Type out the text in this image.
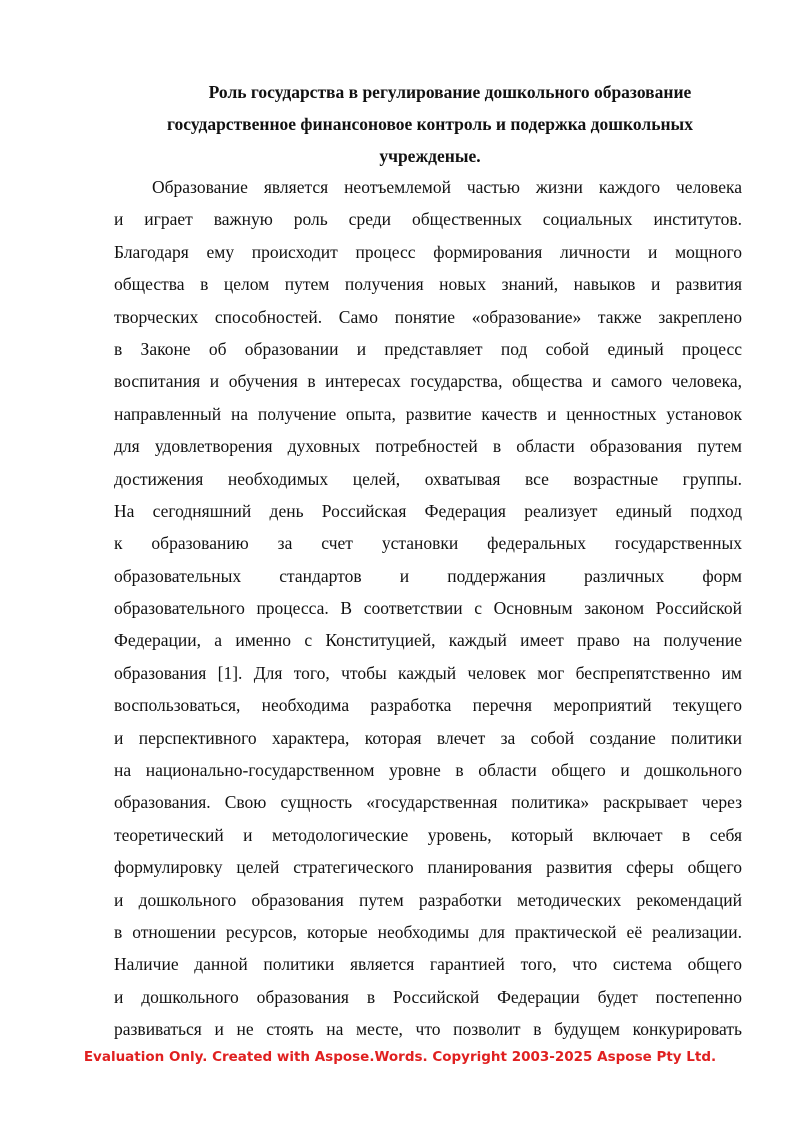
Роль государства в регулирование дошкольного образование
государственное финансоновое контроль и подержка дошкольных
учрежденые.
Образование является неотъемлемой частью жизни каждого человека
и играет важную роль среди общественных социальных институтов.
Благодаря ему происходит процесс формирования личности и мощного
общества в целом путем получения новых знаний, навыков и развития
творческих способностей. Само понятие «образование» также закреплено
в Законе об образовании и представляет под собой единый процесс
воспитания и обучения в интересах государства, общества и самого человека,
направленный на получение опыта, развитие качеств и ценностных установок
для удовлетворения духовных потребностей в области образования путем
достижения необходимых целей, охватывая все возрастные группы.
На сегодняшний день Российская Федерация реализует единый подход
к образованию за счет установки федеральных государственных
образовательных стандартов и поддержания различных форм
образовательного процесса. В соответствии с Основным законом Российской
Федерации, а именно с Конституцией, каждый имеет право на получение
образования [1]. Для того, чтобы каждый человек мог беспрепятственно им
воспользоваться, необходима разработка перечня мероприятий текущего
и перспективного характера, которая влечет за собой создание политики
на национально-государственном уровне в области общего и дошкольного
образования. Свою сущность «государственная политика» раскрывает через
теоретический и методологические уровень, который включает в себя
формулировку целей стратегического планирования развития сферы общего
и дошкольного образования путем разработки методических рекомендаций
в отношении ресурсов, которые необходимы для практической её реализации.
Наличие данной политики является гарантией того, что система общего
и дошкольного образования в Российской Федерации будет постепенно
развиваться и не стоять на месте, что позволит в будущем конкурировать
Evaluation Only. Created with Aspose.Words. Copyright 2003-2025 Aspose Pty Ltd.
